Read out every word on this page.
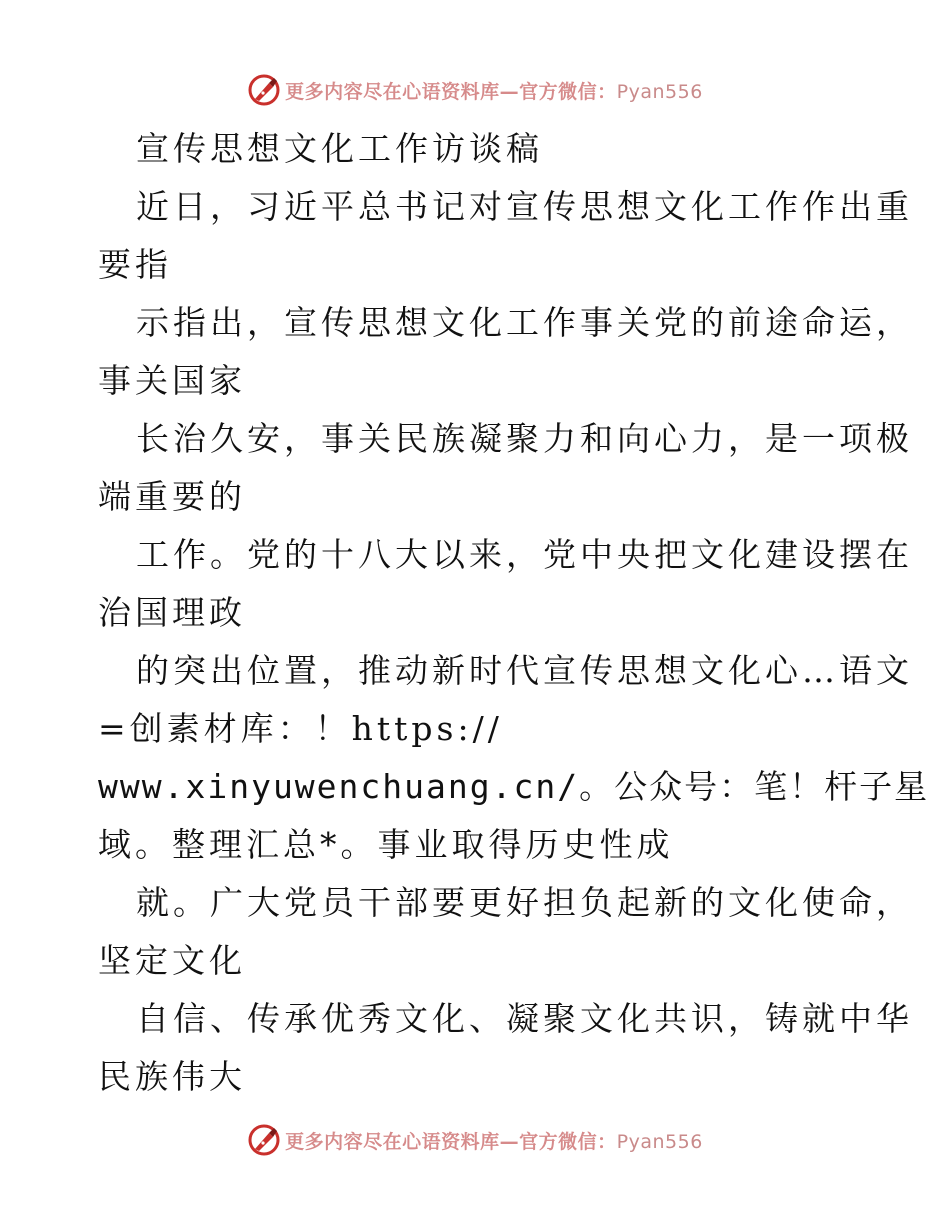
更多内容尽在心语资料库—官方微信：Pyan556
宣传思想文化工作访谈稿
近日，习近平总书记对宣传思想文化工作作出重
要指
示指出，宣传思想文化工作事关党的前途命运，
事关国家
长治久安，事关民族凝聚力和向心力，是一项极
端重要的
工作。党的十八大以来，党中央把文化建设摆在
治国理政
的突出位置，推动新时代宣传思想文化心…语文
=创素材库：！https://
www.xinyuwenchuang.cn/。公众号：笔！杆子星
域。整理汇总*。事业取得历史性成
就。广大党员干部要更好担负起新的文化使命，
坚定文化
自信、传承优秀文化、凝聚文化共识，铸就中华
民族伟大
更多内容尽在心语资料库—官方微信：Pyan556
